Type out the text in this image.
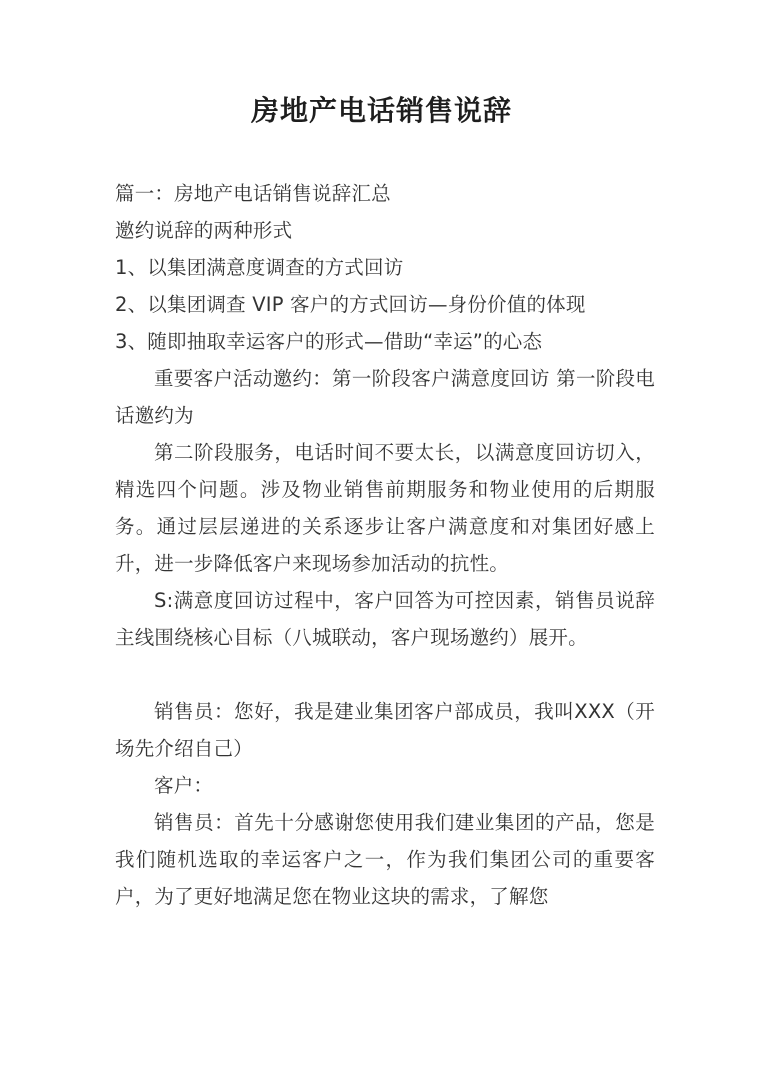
房地产电话销售说辞

篇一：房地产电话销售说辞汇总

邀约说辞的两种形式

1、以集团满意度调查的方式回访

2、以集团调查 VIP 客户的方式回访—身份价值的体现

3、随即抽取幸运客户的形式—借助“幸运”的心态

重要客户活动邀约：第一阶段客户满意度回访 第一阶段电话邀约为

第二阶段服务，电话时间不要太长，以满意度回访切入，精选四个问题。涉及物业销售前期服务和物业使用的后期服务。通过层层递进的关系逐步让客户满意度和对集团好感上升，进一步降低客户来现场参加活动的抗性。

S:满意度回访过程中，客户回答为可控因素，销售员说辞主线围绕核心目标（八城联动，客户现场邀约）展开。

销售员：您好，我是建业集团客户部成员，我叫XXX（开场先介绍自己）

客户：

销售员：首先十分感谢您使用我们建业集团的产品，您是我们随机选取的幸运客户之一，作为我们集团公司的重要客户，为了更好地满足您在物业这块的需求，了解您
